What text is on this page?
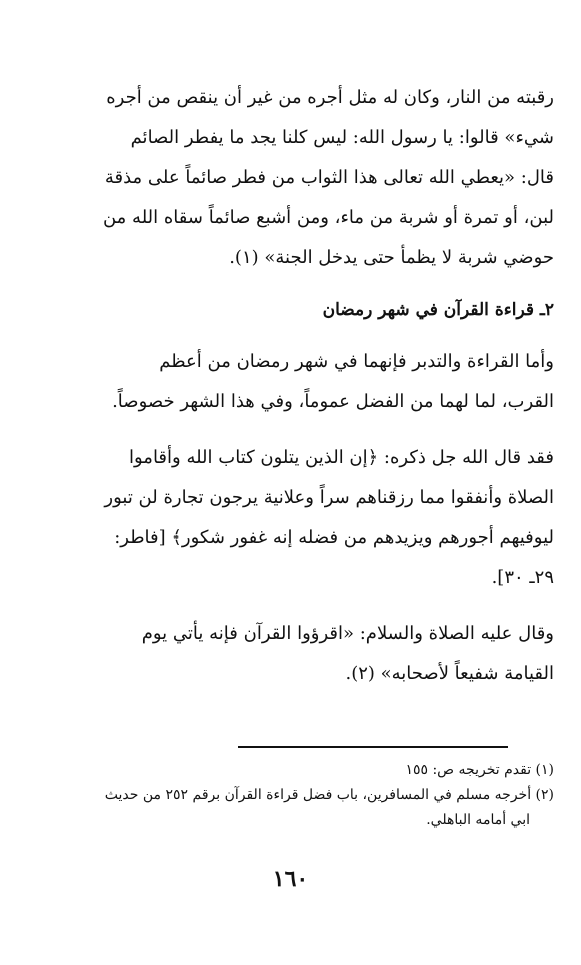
رقبته من النار، وكان له مثل أجره من غير أن ينقص من أجره
شيء» قالوا: يا رسول الله: ليس كلنا يجد ما يفطر الصائم
قال: «يعطي الله تعالى هذا الثواب من فطر صائماً على مذقة
لبن، أو تمرة أو شربة من ماء، ومن أشبع صائماً سقاه الله من
حوضي شربة لا يظمأ حتى يدخل الجنة» (١).
٢ـ قراءة القرآن في شهر رمضان
وأما القراءة والتدبر فإنهما في شهر رمضان من أعظم
القرب، لما لهما من الفضل عموماً، وفي هذا الشهر خصوصاً.
فقد قال الله جل ذكره: ﴿إن الذين يتلون كتاب الله وأقاموا
الصلاة وأنفقوا مما رزقناهم سراً وعلانية يرجون تجارة لن تبور
ليوفيهم أجورهم ويزيدهم من فضله إنه غفور شكور﴾ [فاطر:
٢٩ـ ٣٠].
وقال عليه الصلاة والسلام: «اقرؤوا القرآن فإنه يأتي يوم
القيامة شفيعاً لأصحابه» (٢).

(١) تقدم تخريجه ص: ١٥٥

(٢) أخرجه مسلم في المسافرين، باب فضل قراءة القرآن برقم ٢٥٢ من حديث

ابي أمامه الباهلي.

١٦٠
